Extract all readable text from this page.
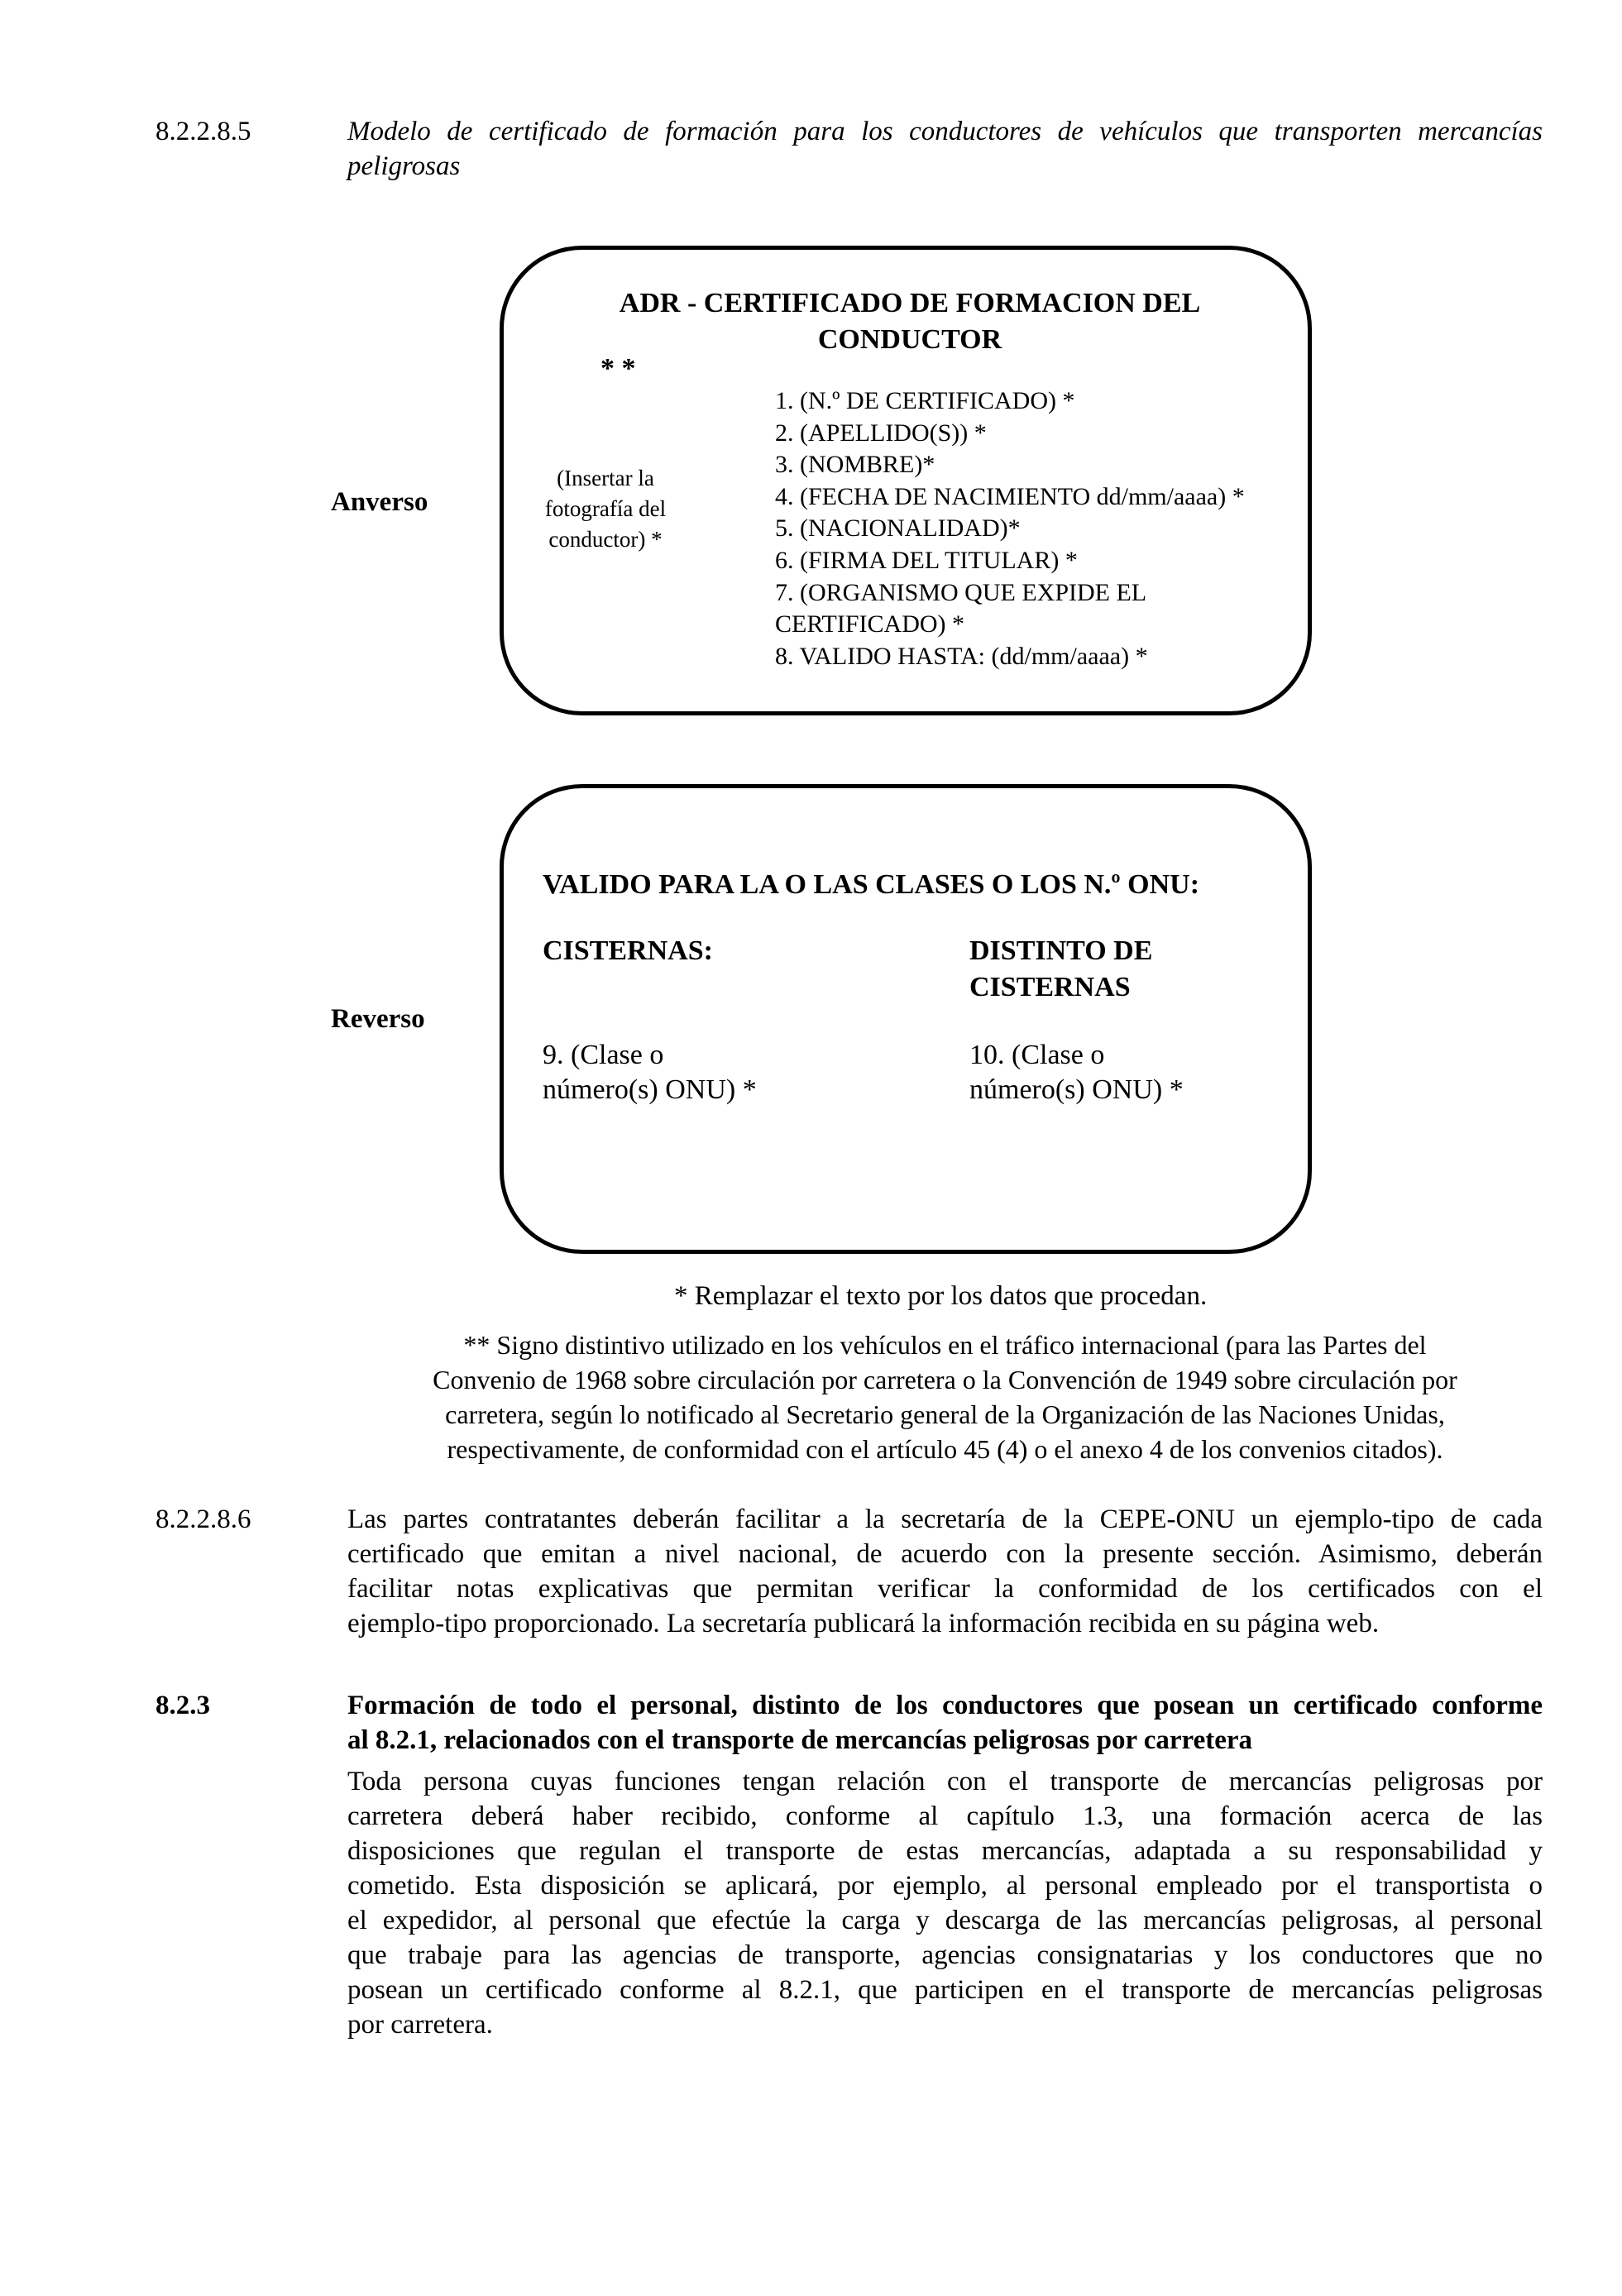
8.2.2.8.5	Modelo de certificado de formación para los conductores de vehículos que transporten mercancías
peligrosas
Anverso
ADR - CERTIFICADO DE FORMACION DEL
CONDUCTOR
* *
(Insertar la
fotografía del
conductor) *
1. (N.º DE CERTIFICADO) *
2. (APELLIDO(S)) *
3. (NOMBRE)*
4. (FECHA DE NACIMIENTO dd/mm/aaaa) *
5. (NACIONALIDAD)*
6. (FIRMA DEL TITULAR) *
7. (ORGANISMO QUE EXPIDE EL
CERTIFICADO) *
8. VALIDO HASTA: (dd/mm/aaaa) *
Reverso
VALIDO PARA LA O LAS CLASES O LOS N.º ONU:
CISTERNAS:	DISTINTO DE
CISTERNAS
9. (Clase o
número(s) ONU) *
10. (Clase o
número(s) ONU) *
* Remplazar el texto por los datos que procedan.
** Signo distintivo utilizado en los vehículos en el tráfico internacional (para las Partes del
Convenio de 1968 sobre circulación por carretera o la Convención de 1949 sobre circulación por
carretera, según lo notificado al Secretario general de la Organización de las Naciones Unidas,
respectivamente, de conformidad con el artículo 45 (4) o el anexo 4 de los convenios citados).
8.2.2.8.6	Las partes contratantes deberán facilitar a la secretaría de la CEPE-ONU un ejemplo-tipo de cada
certificado que emitan a nivel nacional, de acuerdo con la presente sección. Asimismo, deberán
facilitar notas explicativas que permitan verificar la conformidad de los certificados con el
ejemplo-tipo proporcionado. La secretaría publicará la información recibida en su página web.
8.2.3	Formación de todo el personal, distinto de los conductores que posean un certificado conforme
al 8.2.1, relacionados con el transporte de mercancías peligrosas por carretera
Toda persona cuyas funciones tengan relación con el transporte de mercancías peligrosas por
carretera deberá haber recibido, conforme al capítulo 1.3, una formación acerca de las
disposiciones que regulan el transporte de estas mercancías, adaptada a su responsabilidad y
cometido. Esta disposición se aplicará, por ejemplo, al personal empleado por el transportista o
el expedidor, al personal que efectúe la carga y descarga de las mercancías peligrosas, al personal
que trabaje para las agencias de transporte, agencias consignatarias y los conductores que no
posean un certificado conforme al 8.2.1, que participen en el transporte de mercancías peligrosas
por carretera.
